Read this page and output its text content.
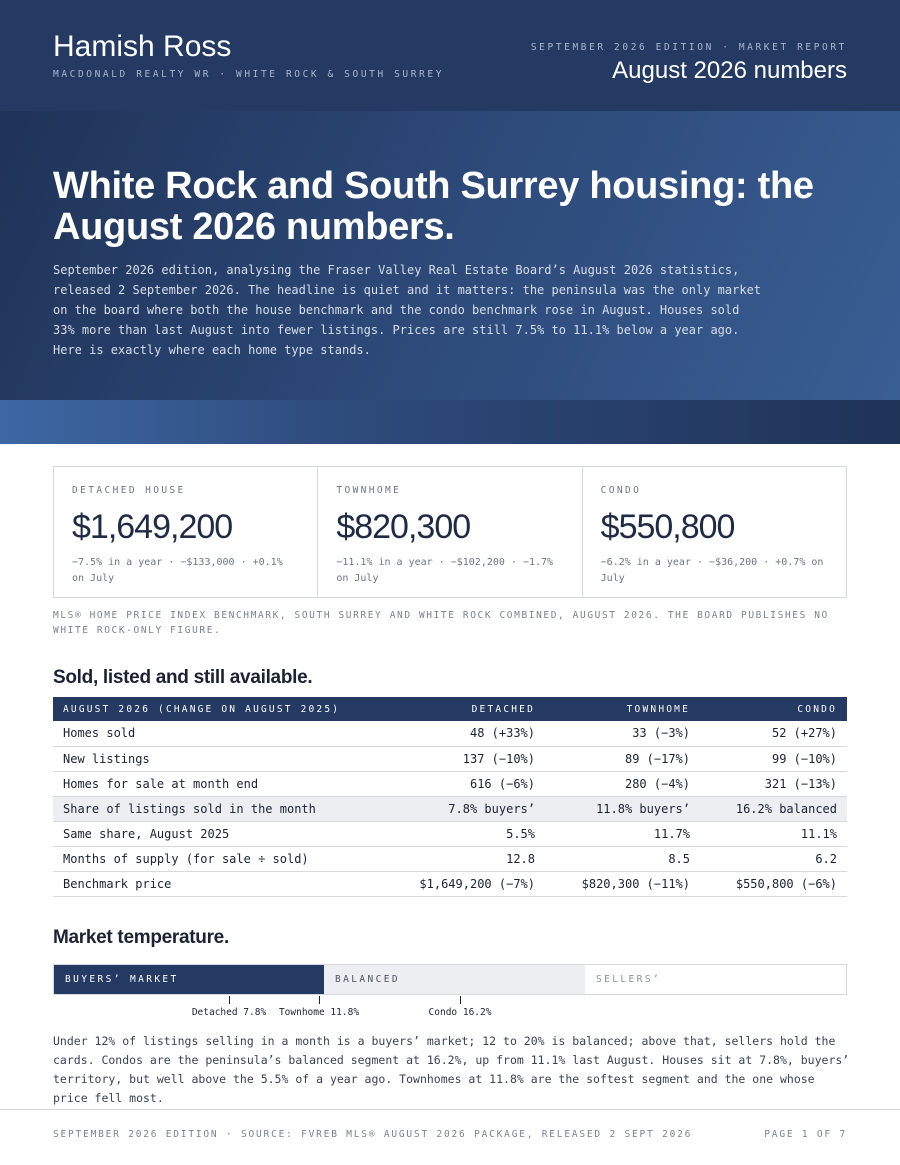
Hamish Ross
MACDONALD REALTY WR · WHITE ROCK & SOUTH SURREY
SEPTEMBER 2026 EDITION · MARKET REPORT
August 2026 numbers
White Rock and South Surrey housing: the August 2026 numbers.

September 2026 edition, analysing the Fraser Valley Real Estate Board’s August 2026 statistics, released 2 September 2026. The headline is quiet and it matters: the peninsula was the only market on the board where both the house benchmark and the condo benchmark rose in August. Houses sold 33% more than last August into fewer listings. Prices are still 7.5% to 11.1% below a year ago. Here is exactly where each home type stands.

DETACHED HOUSE
$1,649,200
−7.5% in a year · −$133,000 · +0.1% on July
TOWNHOME
$820,300
−11.1% in a year · −$102,200 · −1.7% on July
CONDO
$550,800
−6.2% in a year · −$36,200 · +0.7% on July
MLS® HOME PRICE INDEX BENCHMARK, SOUTH SURREY AND WHITE ROCK COMBINED, AUGUST 2026. THE BOARD PUBLISHES NO WHITE ROCK-ONLY FIGURE.
Sold, listed and still available.
AUGUST 2026 (CHANGE ON AUGUST 2025)	DETACHED	TOWNHOME	CONDO
Homes sold	48 (+33%)	33 (−3%)	52 (+27%)
New listings	137 (−10%)	89 (−17%)	99 (−10%)
Homes for sale at month end	616 (−6%)	280 (−4%)	321 (−13%)
Share of listings sold in the month	7.8% buyers’	11.8% buyers’	16.2% balanced
Same share, August 2025	5.5%	11.7%	11.1%
Months of supply (for sale ÷ sold)	12.8	8.5	6.2
Benchmark price	$1,649,200 (−7%)	$820,300 (−11%)	$550,800 (−6%)
Market temperature.
BUYERS’ MARKET	BALANCED	SELLERS’
Detached 7.8% Townhome 11.8%	Condo 16.2%

Under 12% of listings selling in a month is a buyers’ market; 12 to 20% is balanced; above that, sellers hold the cards. Condos are the peninsula’s balanced segment at 16.2%, up from 11.1% last August. Houses sit at 7.8%, buyers’ territory, but well above the 5.5% of a year ago. Townhomes at 11.8% are the softest segment and the one whose price fell most.

SEPTEMBER 2026 EDITION · SOURCE: FVREB MLS® AUGUST 2026 PACKAGE, RELEASED 2 SEPT 2026	PAGE 1 OF 7
